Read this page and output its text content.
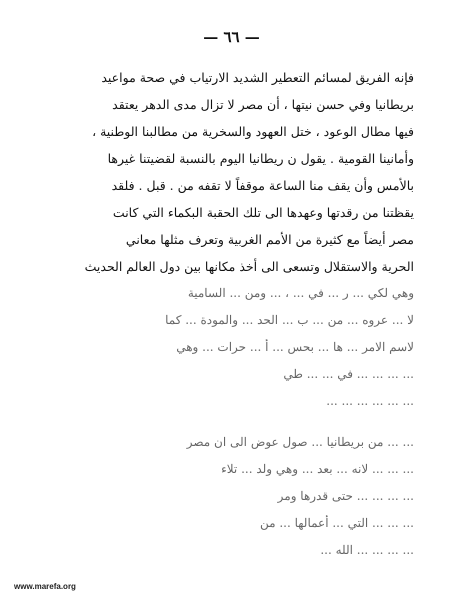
— ٦٦ —
فإنه الفريق لمسائم التعطير الشديد الارتياب في صحة مواعيد
بريطانيا وفي حسن نيتها ، أن مصر لا تزال مدى الدهر يعتقد
فيها مطال الوعود ، ختل العهود والسخرية من مطالبنا الوطنية ،
وأمانينا القومية . يقول ن ريطانيا اليوم بالنسبة لقضيتنا غيرها
بالأمس وأن يقف منا الساعة موقفاً لا تقفه من . قبل . فلقد
يقظتنا من رقدتها وعهدها الى تلك الحقبة البكماء التي كانت
مصر أيضاً مع كثيرة من الأمم الغربية وتعرف مثلها معاني
الحرية والاستقلال وتسعى الى أخذ مكانها بين دول العالم الحديث
وهي لكي ... ر ... في ... ، ... ومن ... السامية
لا ... عروه ... من ... ب ... الحد ... والمودة ... كما
لاسم الامر ... ها ... بحس ... أ ... حرات ... وهي
... ... ... ... في ... ... طي
... ... ... ... ... ...
... ... من بريطانيا ... صول عوض الى ان مصر
... ... ... لانه ... بعد ... وهي ولد ... تلاء
... ... ... ... حتى قدرها ومر
... ... ... التي ... أعمالها ... من
... ... ... ... الله ...
www.marefa.org
